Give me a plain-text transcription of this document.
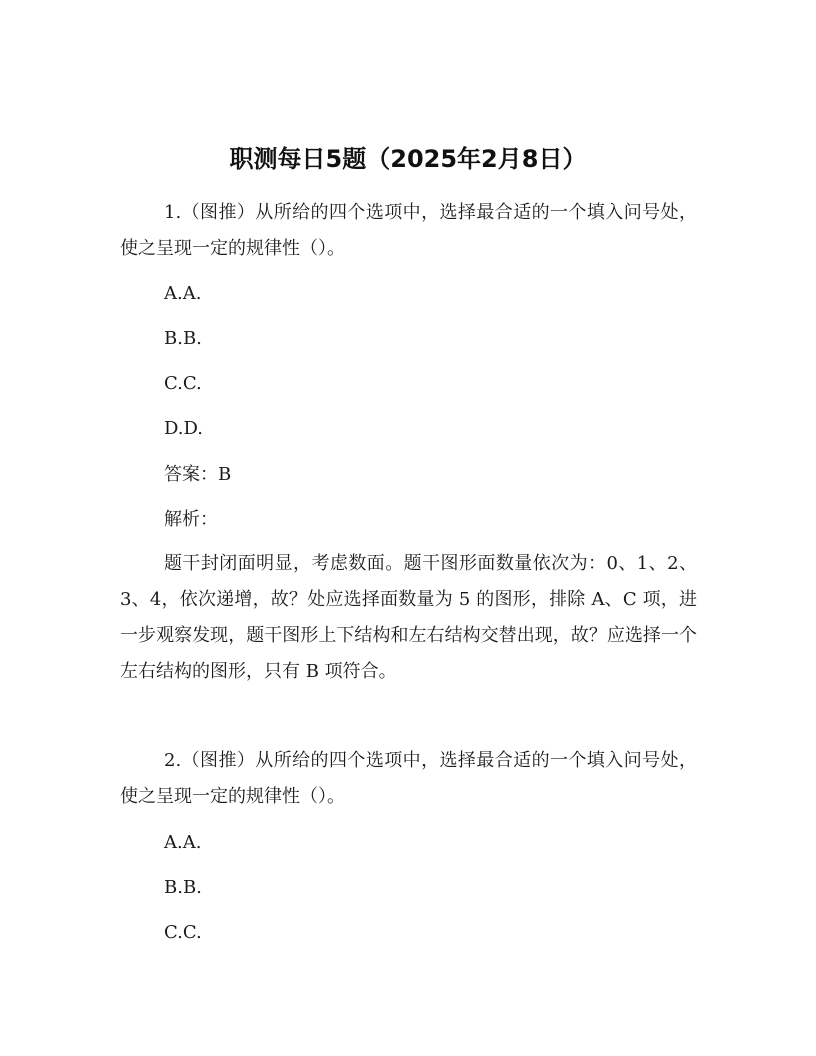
职测每日5题（2025年2月8日）
1.（图推）从所给的四个选项中，选择最合适的一个填入问号处，使之呈现一定的规律性（）。
A.A.
B.B.
C.C.
D.D.
答案：B
解析：
题干封闭面明显，考虑数面。题干图形面数量依次为：0、1、2、3、4，依次递增，故？处应选择面数量为 5 的图形，排除 A、C 项，进一步观察发现，题干图形上下结构和左右结构交替出现，故？应选择一个左右结构的图形，只有 B 项符合。
2.（图推）从所给的四个选项中，选择最合适的一个填入问号处，使之呈现一定的规律性（）。
A.A.
B.B.
C.C.
